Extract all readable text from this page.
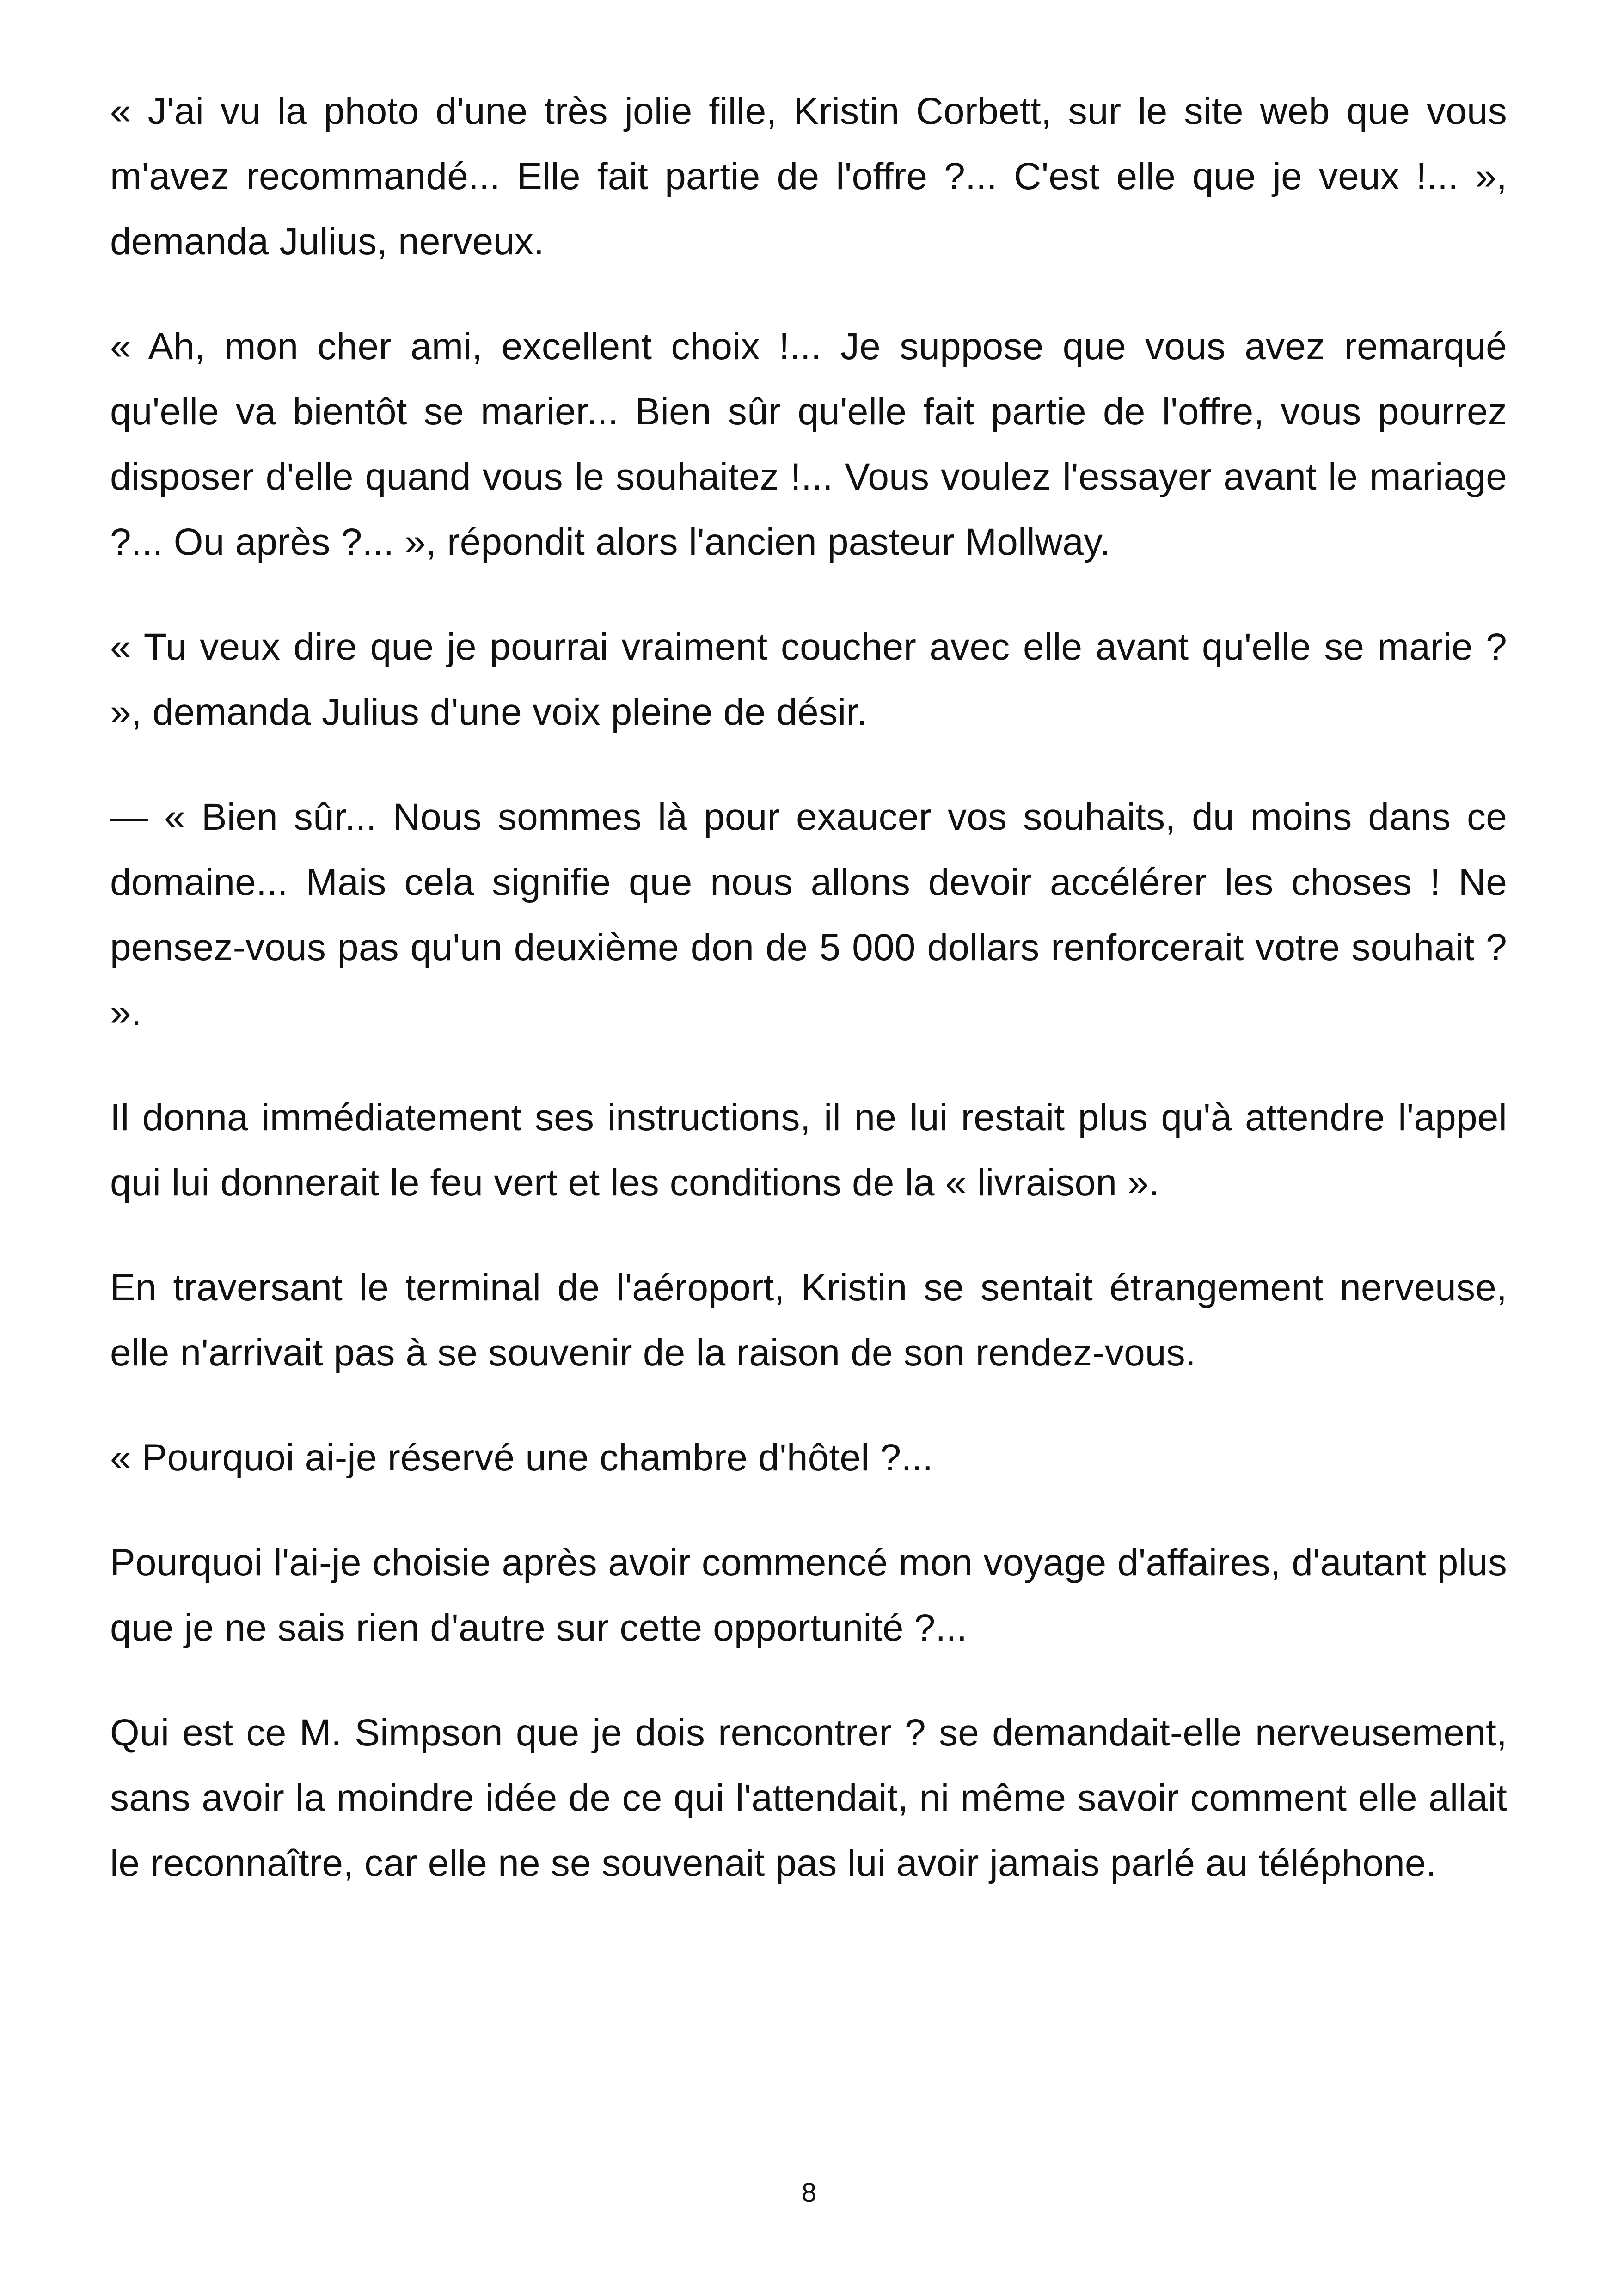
« J'ai vu la photo d'une très jolie fille, Kristin Corbett, sur le site web que vous m'avez recommandé... Elle fait partie de l'offre ?... C'est elle que je veux !... », demanda Julius, nerveux.

« Ah, mon cher ami, excellent choix !... Je suppose que vous avez remarqué qu'elle va bientôt se marier... Bien sûr qu'elle fait partie de l'offre, vous pourrez disposer d'elle quand vous le souhaitez !... Vous voulez l'essayer avant le mariage ?... Ou après ?... », répondit alors l'ancien pasteur Mollway.

« Tu veux dire que je pourrai vraiment coucher avec elle avant qu'elle se marie ? », demanda Julius d'une voix pleine de désir.

— « Bien sûr... Nous sommes là pour exaucer vos souhaits, du moins dans ce domaine... Mais cela signifie que nous allons devoir accélérer les choses ! Ne pensez-vous pas qu'un deuxième don de 5 000 dollars renforcerait votre souhait ? ».

Il donna immédiatement ses instructions, il ne lui restait plus qu'à attendre l'appel qui lui donnerait le feu vert et les conditions de la « livraison ».

En traversant le terminal de l'aéroport, Kristin se sentait étrangement nerveuse, elle n'arrivait pas à se souvenir de la raison de son rendez-vous.

« Pourquoi ai-je réservé une chambre d'hôtel ?...

Pourquoi l'ai-je choisie après avoir commencé mon voyage d'affaires, d'autant plus que je ne sais rien d'autre sur cette opportunité ?...

Qui est ce M. Simpson que je dois rencontrer ? se demandait-elle nerveusement, sans avoir la moindre idée de ce qui l'attendait, ni même savoir comment elle allait le reconnaître, car elle ne se souvenait pas lui avoir jamais parlé au téléphone.

8
